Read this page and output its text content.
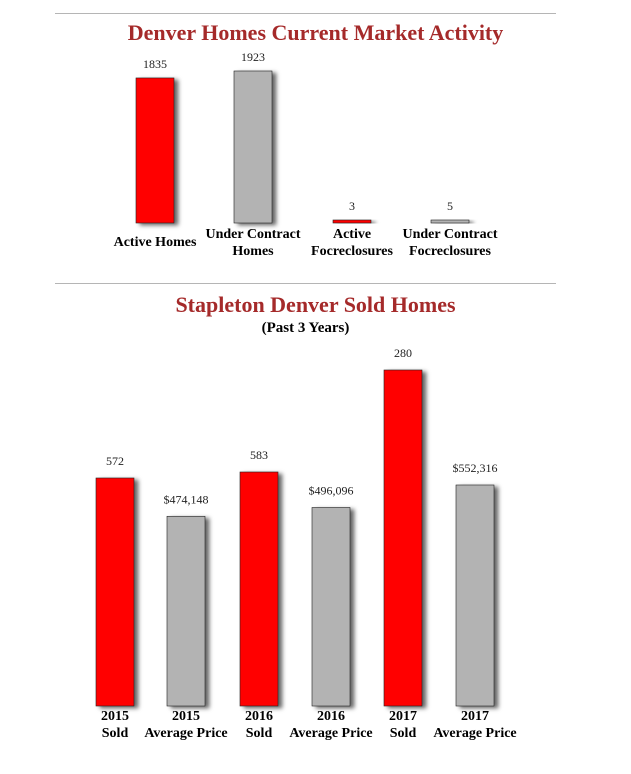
Denver Homes Current Market Activity
1835
Active Homes
1923
Under Contract
Homes
3
Active
Focreclosures
5
Under Contract
Focreclosures
Stapleton Denver Sold Homes
(Past 3 Years)
572
2015
Sold
$474,148
2015
Average Price
583
2016
Sold
$496,096
2016
Average Price
280
2017
Sold
$552,316
2017
Average Price
